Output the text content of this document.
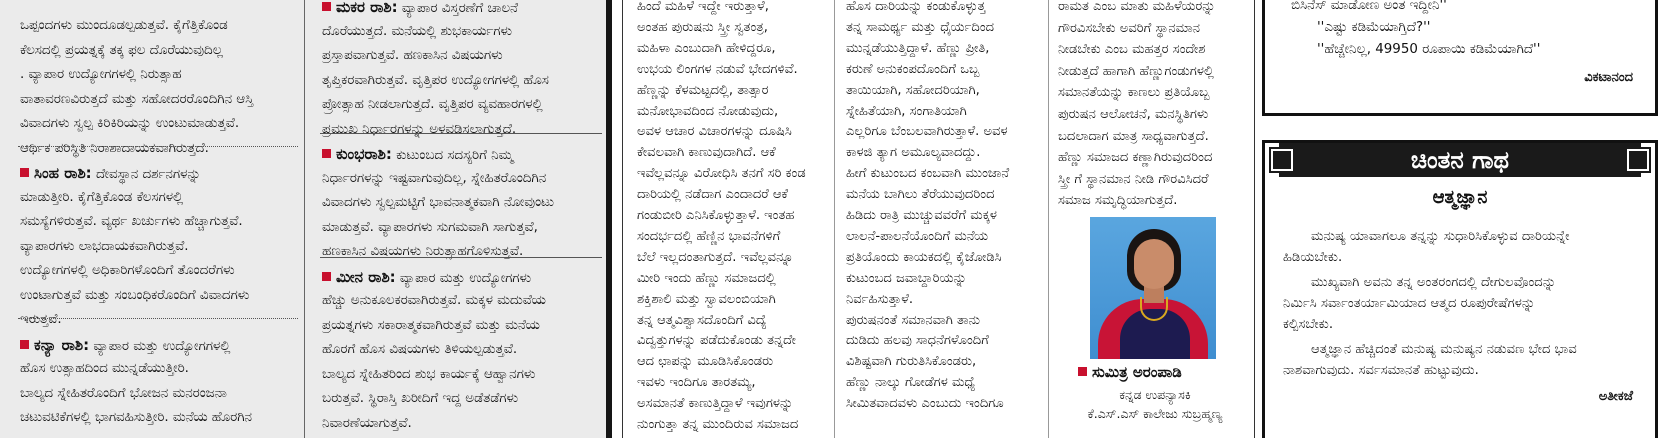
ಒಪ್ಪಂದಗಳು ಮುಂದೂಡಲ್ಪಡುತ್ತವೆ. ಕೈಗೆತ್ತಿಕೊಂಡ

ಕೆಲಸದಲ್ಲಿ ಪ್ರಯತ್ನಕ್ಕೆ ತಕ್ಕ ಫಲ ದೊರೆಯುವುದಿಲ್ಲ

. ವ್ಯಾಪಾರ ಉದ್ಯೋಗಗಳಲ್ಲಿ ನಿರುತ್ಸಾಹ

ವಾತಾವರಣವಿರುತ್ತದೆ ಮತ್ತು ಸಹೋದರರೊಂದಿಗಿನ ಆಸ್ತಿ

ವಿವಾದಗಳು ಸ್ವಲ್ಪ ಕಿರಿಕಿರಿಯನ್ನು ಉಂಟುಮಾಡುತ್ತವೆ.

ಆರ್ಥಿಕ ಪರಿಸ್ಥಿತಿ ನಿರಾಶಾದಾಯಕವಾಗಿರುತ್ತದೆ.

ಸಿಂಹ ರಾಶಿ: ದೇವಸ್ಥಾನ ದರ್ಶನಗಳನ್ನು

ಮಾಡುತ್ತೀರಿ. ಕೈಗೆತ್ತಿಕೊಂಡ ಕೆಲಸಗಳಲ್ಲಿ

ಸಮಸ್ಯೆಗಳಿರುತ್ತವೆ. ವ್ಯರ್ಥ ಖರ್ಚುಗಳು ಹೆಚ್ಚಾಗುತ್ತವೆ.

ವ್ಯಾಪಾರಗಳು ಲಾಭದಾಯಕವಾಗಿರುತ್ತವೆ.

ಉದ್ಯೋಗಗಳಲ್ಲಿ ಅಧಿಕಾರಿಗಳೊಂದಿಗೆ ತೊಂದರೆಗಳು

ಉಂಟಾಗುತ್ತವೆ ಮತ್ತು ಸಂಬಂಧಿಕರೊಂದಿಗೆ ವಿವಾದಗಳು

ಇರುತ್ತವೆ.

ಕನ್ಯಾ ರಾಶಿ: ವ್ಯಾಪಾರ ಮತ್ತು ಉದ್ಯೋಗಗಳಲ್ಲಿ

ಹೊಸ ಉತ್ಸಾಹದಿಂದ ಮುನ್ನಡೆಯುತ್ತೀರಿ.

ಬಾಲ್ಯದ ಸ್ನೇಹಿತರೊಂದಿಗೆ ಭೋಜನ ಮನರಂಜನಾ

ಚಟುವಟಿಕೆಗಳಲ್ಲಿ ಭಾಗವಹಿಸುತ್ತೀರಿ. ಮನೆಯ ಹೊರಗಿನ

ಮಕರ ರಾಶಿ: ವ್ಯಾಪಾರ ವಿಸ್ತರಣೆಗೆ ಚಾಲನೆ

ದೊರೆಯುತ್ತದೆ. ಮನೆಯಲ್ಲಿ ಶುಭಕಾರ್ಯಗಳು

ಪ್ರಸ್ತಾಪವಾಗುತ್ತವೆ. ಹಣಕಾಸಿನ ವಿಷಯಗಳು

ತೃಪ್ತಿಕರವಾಗಿರುತ್ತವೆ. ವೃತ್ತಿಪರ ಉದ್ಯೋಗಗಳಲ್ಲಿ ಹೊಸ

ಪ್ರೋತ್ಸಾಹ ನೀಡಲಾಗುತ್ತದೆ. ವೃತ್ತಿಪರ ವ್ಯವಹಾರಗಳಲ್ಲಿ

ಪ್ರಮುಖ ನಿರ್ಧಾರಗಳನ್ನು ಅಳವಡಿಸಲಾಗುತ್ತದೆ.

ಕುಂಭರಾಶಿ: ಕುಟುಂಬದ ಸದಸ್ಯರಿಗೆ ನಿಮ್ಮ

ನಿರ್ಧಾರಗಳನ್ನು ಇಷ್ಟವಾಗುವುದಿಲ್ಲ, ಸ್ನೇಹಿತರೊಂದಿಗಿನ

ವಿವಾದಗಳು ಸ್ವಲ್ಪಮಟ್ಟಿಗೆ ಭಾವನಾತ್ಮಕವಾಗಿ ನೋವುಂಟು

ಮಾಡುತ್ತವೆ. ವ್ಯಾಪಾರಗಳು ಸುಗಮವಾಗಿ ಸಾಗುತ್ತವೆ,

ಹಣಕಾಸಿನ ವಿಷಯಗಳು ನಿರುತ್ಸಾಹಗೊಳಿಸುತ್ತವೆ.

ಮೀನ ರಾಶಿ: ವ್ಯಾಪಾರ ಮತ್ತು ಉದ್ಯೋಗಗಳು

ಹೆಚ್ಚು ಅನುಕೂಲಕರವಾಗಿರುತ್ತವೆ. ಮಕ್ಕಳ ಮದುವೆಯ

ಪ್ರಯತ್ನಗಳು ಸಕಾರಾತ್ಮಕವಾಗಿರುತ್ತವೆ ಮತ್ತು ಮನೆಯ

ಹೊರಗೆ ಹೊಸ ವಿಷಯಗಳು ತಿಳಿಯಲ್ಪಡುತ್ತವೆ.

ಬಾಲ್ಯದ ಸ್ನೇಹಿತರಿಂದ ಶುಭ ಕಾರ್ಯಕ್ಕೆ ಆಹ್ವಾನಗಳು

ಬರುತ್ತವೆ. ಸ್ಥಿರಾಸ್ತಿ ಖರೀದಿಗೆ ಇದ್ದ ಅಡೆತಡೆಗಳು

ನಿವಾರಣೆಯಾಗುತ್ತವೆ.

ಹಿಂದೆ ಮಹಿಳೆ ಇದ್ದೇ ಇರುತ್ತಾಳೆ,

ಅಂತಹ ಪುರುಷನು ಸ್ತ್ರೀ ಸ್ವತಂತ್ರ,

ಮಹಿಳಾ ಎಂಬುದಾಗಿ ಹೇಳಿದ್ದರೂ,

ಉಭಯ ಲಿಂಗಗಳ ನಡುವೆ ಭೇದಗಳಿವೆ.

ಹೆಣ್ಣನ್ನು ಕೆಳಮಟ್ಟದಲ್ಲಿ, ತಾತ್ಸಾರ

ಮನೋಭಾವದಿಂದ ನೋಡುವುದು,

ಅವಳ ಆಚಾರ ವಿಚಾರಗಳನ್ನು ದೂಷಿಸಿ

ಕೇವಲವಾಗಿ ಕಾಣುವುದಾಗಿದೆ. ಆಕೆ

ಇವೆಲ್ಲವನ್ನೂ ವಿರೋಧಿಸಿ ತನಗೆ ಸರಿ ಕಂಡ

ದಾರಿಯಲ್ಲಿ ನಡೆದಾಗ ಎಂದಾದರೆ ಆಕೆ

ಗಂಡುಬೀರಿ ಎನಿಸಿಕೊಳ್ಳುತ್ತಾಳೆ. ಇಂತಹ

ಸಂದರ್ಭದಲ್ಲಿ ಹೆಣ್ಣಿನ ಭಾವನೆಗಳಿಗೆ

ಬೆಲೆ ಇಲ್ಲದಂತಾಗುತ್ತದೆ. ಇವೆಲ್ಲವನ್ನೂ

ಮೀರಿ ಇಂದು ಹೆಣ್ಣು ಸಮಾಜದಲ್ಲಿ

ಶಕ್ತಿಶಾಲಿ ಮತ್ತು ಸ್ವಾವಲಂಬಿಯಾಗಿ

ತನ್ನ ಆತ್ಮವಿಶ್ವಾಸದೊಂದಿಗೆ ವಿದ್ಯೆ

ವಿದ್ವತ್ತುಗಳನ್ನು ಪಡೆದುಕೊಂಡು ತನ್ನದೇ

ಆದ ಛಾಪನ್ನು ಮೂಡಿಸಿಕೊಂಡರು

ಇವಳು ಇಂದಿಗೂ ತಾರತಮ್ಯ,

ಅಸಮಾನತೆ ಕಾಣುತ್ತಿದ್ದಾಳೆ ಇವುಗಳನ್ನು

ನುಂಗುತ್ತಾ ತನ್ನ ಮುಂದಿರುವ ಸಮಾಜದ

ಹೊಸ ದಾರಿಯನ್ನು ಕಂಡುಕೊಳ್ಳುತ್ತ

ತನ್ನ ಸಾಮರ್ಥ್ಯ ಮತ್ತು ಧೈರ್ಯದಿಂದ

ಮುನ್ನಡೆಯುತ್ತಿದ್ದಾಳೆ. ಹೆಣ್ಣು ಪ್ರೀತಿ,

ಕರುಣೆ ಅನುಕಂಪದೊಂದಿಗೆ ಒಬ್ಬ

ತಾಯಿಯಾಗಿ, ಸಹೋದರಿಯಾಗಿ,

ಸ್ನೇಹಿತೆಯಾಗಿ, ಸಂಗಾತಿಯಾಗಿ

ಎಲ್ಲರಿಗೂ ಬೆಂಬಲವಾಗಿರುತ್ತಾಳೆ. ಅವಳ

ಕಾಳಜಿ ತ್ಯಾಗ ಅಮೂಲ್ಯವಾದದ್ದು.

ಹೀಗೆ ಕುಟುಂಬದ ಕಂಬವಾಗಿ ಮುಂಜಾನೆ

ಮನೆಯ ಬಾಗಿಲು ತೆರೆಯುವುದರಿಂದ

ಹಿಡಿದು ರಾತ್ರಿ ಮುಚ್ಚುವವರೆಗೆ ಮಕ್ಕಳ

ಲಾಲನೆ-ಪಾಲನೆಯೊಂದಿಗೆ ಮನೆಯ

ಪ್ರತಿಯೊಂದು ಕಾಯಕದಲ್ಲಿ ಕೈಜೋಡಿಸಿ

ಕುಟುಂಬದ ಜವಾಬ್ದಾರಿಯನ್ನು

ನಿರ್ವಹಿಸುತ್ತಾಳೆ.

ಪುರುಷನಂತೆ ಸಮಾನವಾಗಿ ತಾನು

ದುಡಿದು ಹಲವು ಸಾಧನೆಗಳೊಂದಿಗೆ

ವಿಶಿಷ್ಟವಾಗಿ ಗುರುತಿಸಿಕೊಂಡರು,

ಹೆಣ್ಣು ನಾಲ್ಕು ಗೋಡೆಗಳ ಮಧ್ಯೆ

ಸೀಮಿತವಾದವಳು ಎಂಬುದು ಇಂದಿಗೂ

ರಾಮತ ಎಂಬ ಮಾತು ಮಹಿಳೆಯರನ್ನು

ಗೌರವಿಸಬೇಕು ಅವರಿಗೆ ಸ್ಥಾನಮಾನ

ನೀಡಬೇಕು ಎಂಬ ಮಹತ್ತರ ಸಂದೇಶ

ನೀಡುತ್ತದೆ ಹಾಗಾಗಿ ಹೆಣ್ಣುಗಂಡುಗಳಲ್ಲಿ

ಸಮಾನತೆಯನ್ನು ಕಾಣಲು ಪ್ರತಿಯೊಬ್ಬ

ಪುರುಷನ ಆಲೋಚನೆ, ಮನಸ್ಥಿತಿಗಳು

ಬದಲಾದಾಗ ಮಾತ್ರ ಸಾಧ್ಯವಾಗುತ್ತದೆ.

ಹೆಣ್ಣು ಸಮಾಜದ ಕಣ್ಣಾಗಿರುವುದರಿಂದ

ಸ್ತ್ರೀ ಗೆ ಸ್ಥಾನಮಾನ ನೀಡಿ ಗೌರವಿಸಿದರೆ

ಸಮಾಜ ಸಮೃದ್ಧಿಯಾಗುತ್ತದೆ.

ಸುಮಿತ್ರ ಅರಂಪಾಡಿ
ಕನ್ನಡ ಉಪನ್ಯಾಸಕಿ
ಕೆ.ಎಸ್.ಎಸ್ ಕಾಲೇಜು ಸುಬ್ರಹ್ಮಣ್ಯ
ಬಿಸಿನೆಸ್ ಮಾಡೋಣ ಅಂತ ಇದ್ದೀನಿ''
''ಎಷ್ಟು ಕಡಿಮೆಯಾಗ್ತಿದೆ?''
''ಹೆಚ್ಚೇನಿಲ್ಲ, 49950 ರೂಪಾಯಿ ಕಡಿಮೆಯಾಗಿದೆ''
ವಿಕಟಾನಂದ
ಚಿಂತನ ಗಾಥ
ಆತ್ಮಜ್ಞಾನ
ಮನುಷ್ಯ ಯಾವಾಗಲೂ ತನ್ನನ್ನು ಸುಧಾರಿಸಿಕೊಳ್ಳುವ ದಾರಿಯನ್ನೇ
ಹಿಡಿಯಬೇಕು.
ಮುಖ್ಯವಾಗಿ ಅವನು ತನ್ನ ಅಂತರಂಗದಲ್ಲಿ ದೇಗುಲವೊಂದನ್ನು
ನಿರ್ಮಿಸಿ ಸರ್ವಾಂತರ್ಯಾಮಿಯಾದ ಆತ್ಮದ ರೂಪುರೇಷೆಗಳನ್ನು
ಕಲ್ಪಿಸಬೇಕು.
ಆತ್ಮಜ್ಞಾನ ಹೆಚ್ಚಿದಂತೆ ಮನುಷ್ಯ ಮನುಷ್ಯನ ನಡುವಣ ಭೇದ ಭಾವ
ನಾಶವಾಗುವುದು. ಸರ್ವಸಮಾನತೆ ಹುಟ್ಟುವುದು.
ಅತೀಕಜೆ
